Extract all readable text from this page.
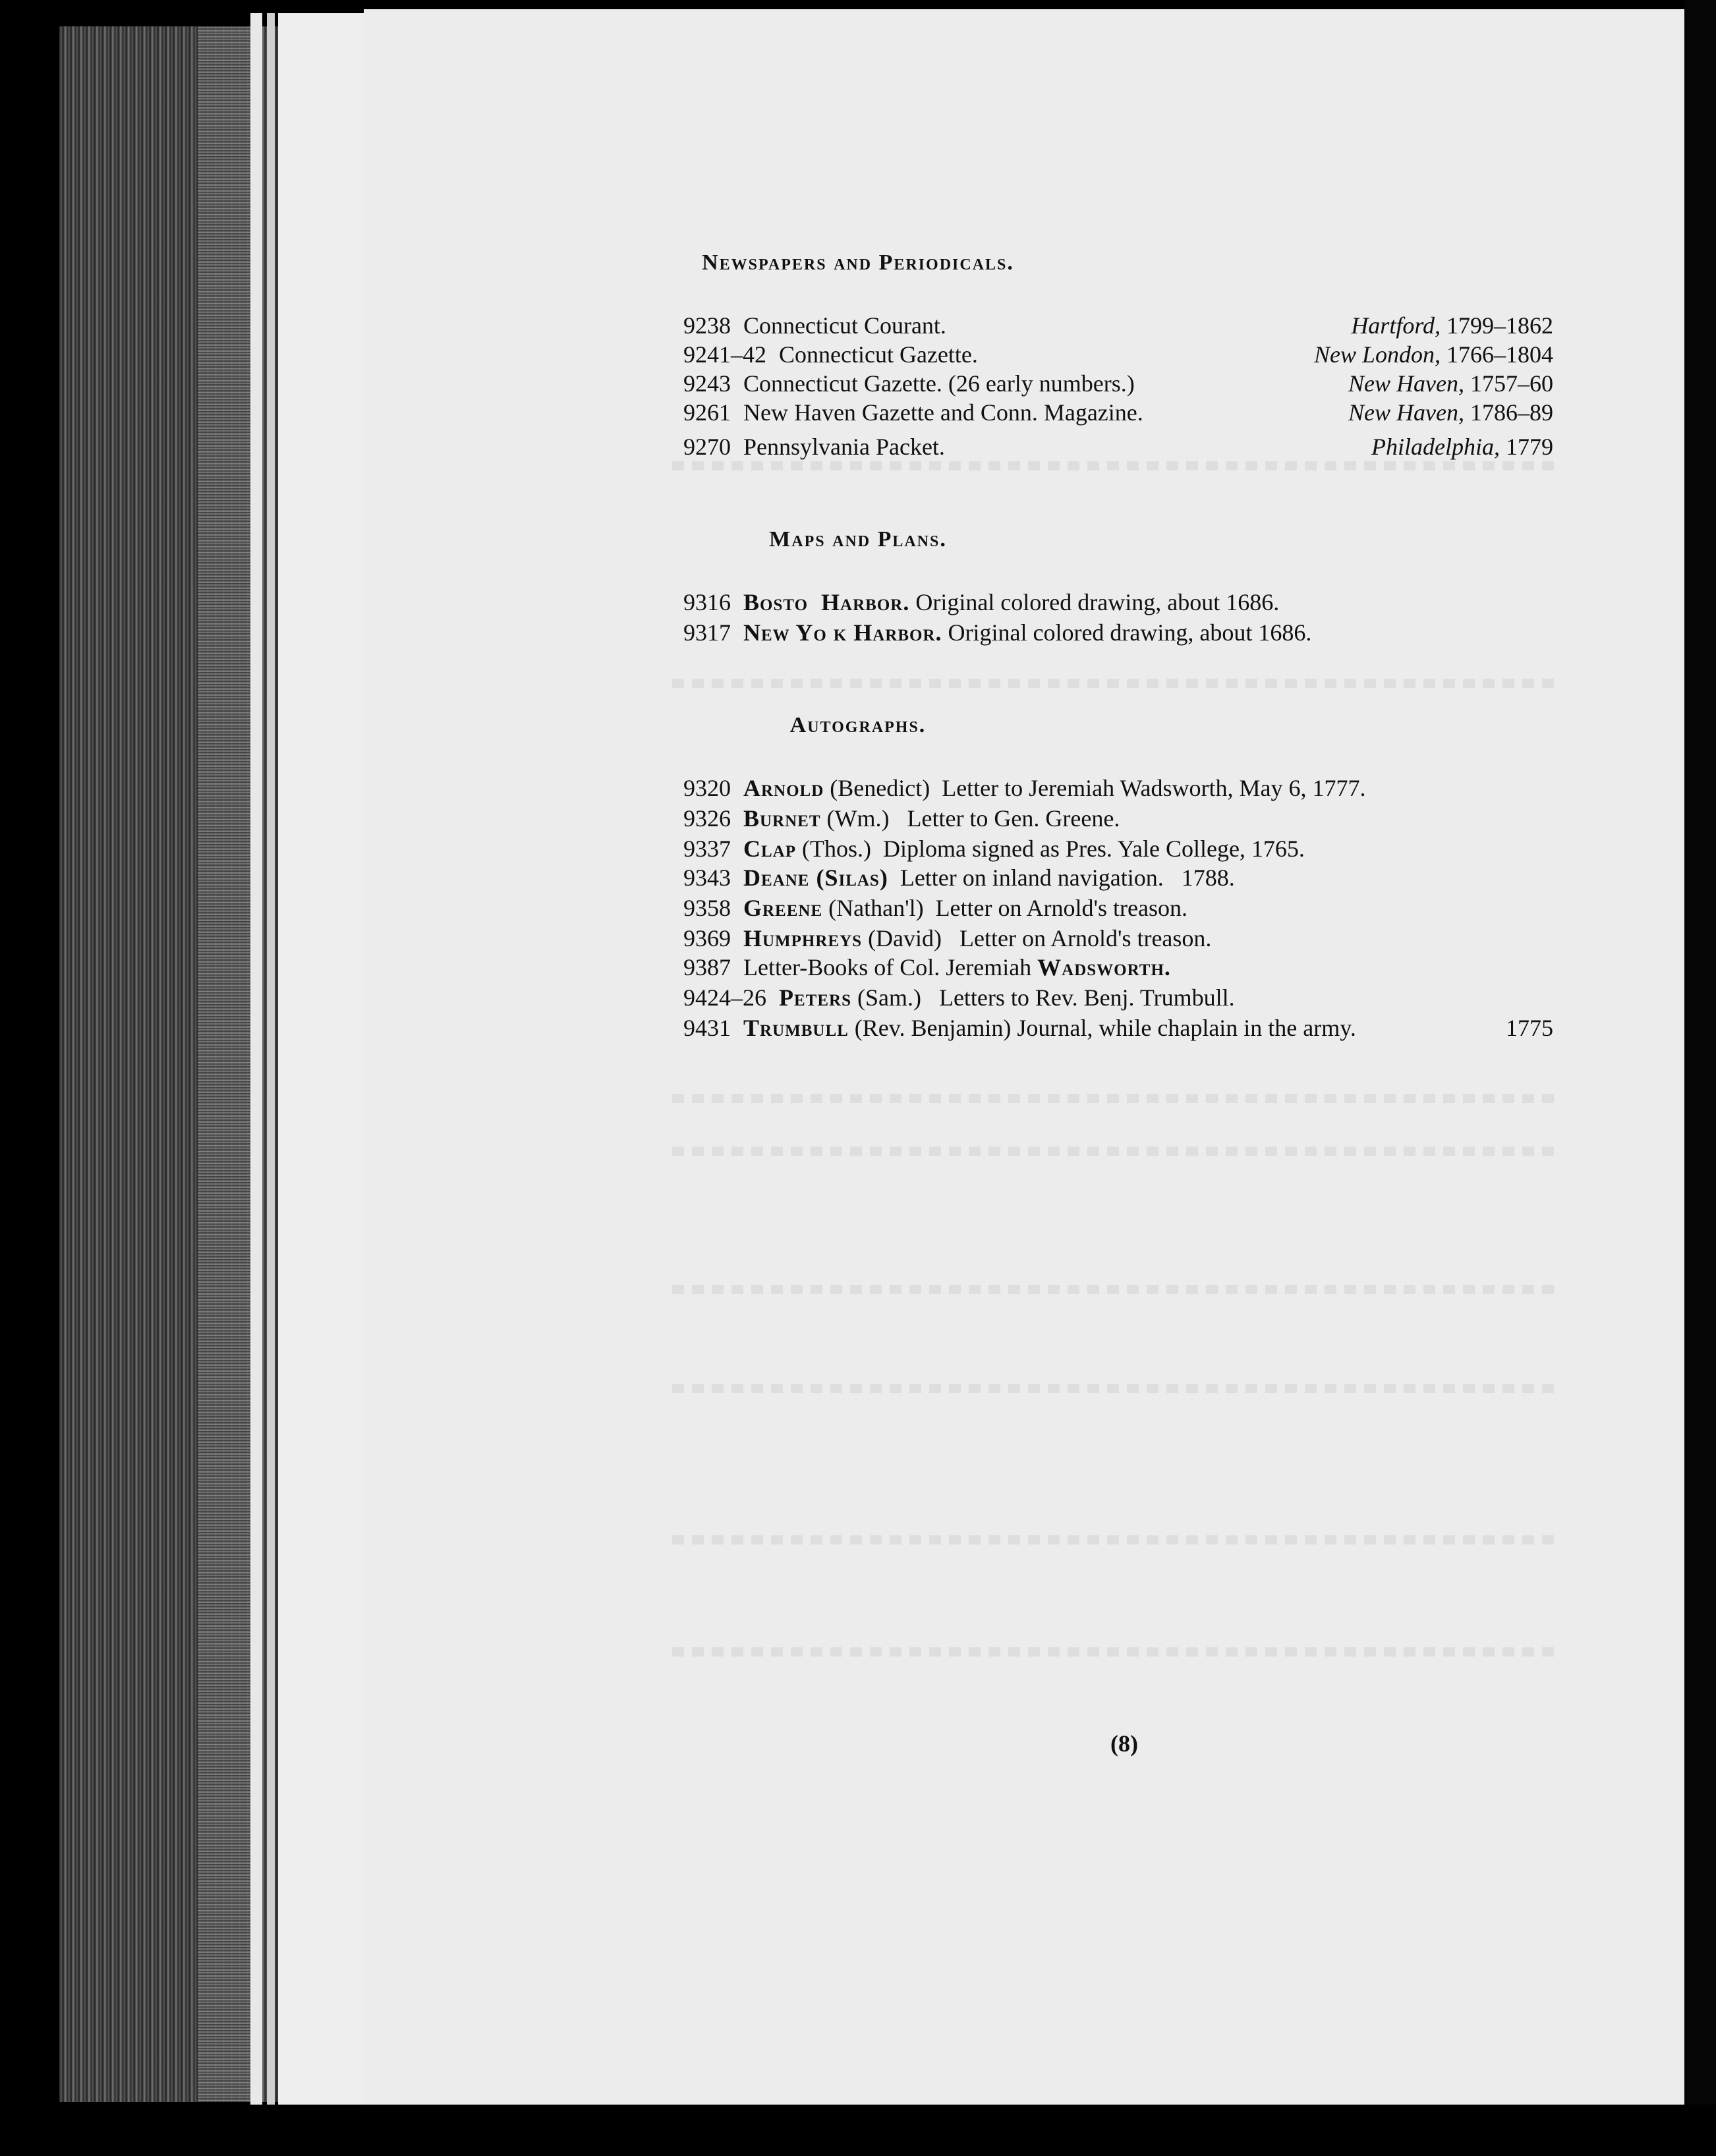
Newspapers and Periodicals.
9238 Connecticut Courant.	Hartford, 1799–1862
9241–42 Connecticut Gazette.	New London, 1766–1804
9243 Connecticut Gazette. (26 early numbers.)	New Haven, 1757–60
9261 New Haven Gazette and Conn. Magazine.	New Haven, 1786–89
9270 Pennsylvania Packet.	Philadelphia, 1779
Maps and Plans.
9316 Bosto  Harbor. Original colored drawing, about 1686.
9317 New Yo k Harbor. Original colored drawing, about 1686.
Autographs.
9320 Arnold (Benedict)  Letter to Jeremiah Wadsworth, May 6, 1777.
9326 Burnet (Wm.)   Letter to Gen. Greene.
9337 Clap (Thos.)  Diploma signed as Pres. Yale College, 1765.
9343 Deane (Silas)  Letter on inland navigation.   1788.
9358 Greene (Nathan'l)  Letter on Arnold's treason.
9369 Humphreys (David)   Letter on Arnold's treason.
9387 Letter-Books of Col. Jeremiah Wadsworth.
9424–26 Peters (Sam.)   Letters to Rev. Benj. Trumbull.
9431 Trumbull (Rev. Benjamin) Journal, while chaplain in the army.	1775
(8)
